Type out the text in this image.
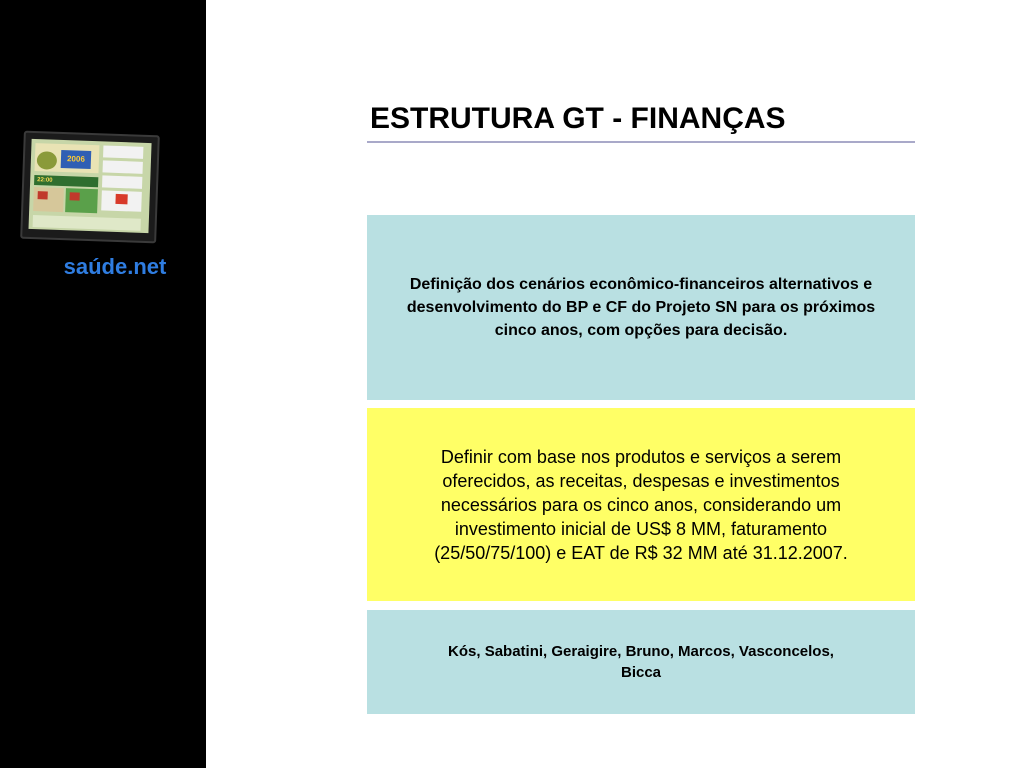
2006
22:00
saúde.net
ESTRUTURA GT - FINANÇAS
Definição dos cenários econômico-financeiros alternativos e desenvolvimento do BP e CF do Projeto SN para os próximos cinco anos, com opções para decisão.
Definir com base nos produtos e serviços a serem oferecidos, as receitas, despesas e investimentos necessários para os cinco anos, considerando um investimento inicial de US$ 8 MM, faturamento (25/50/75/100) e EAT de R$ 32 MM até 31.12.2007.
Kós, Sabatini, Geraigire, Bruno, Marcos, Vasconcelos, Bicca
